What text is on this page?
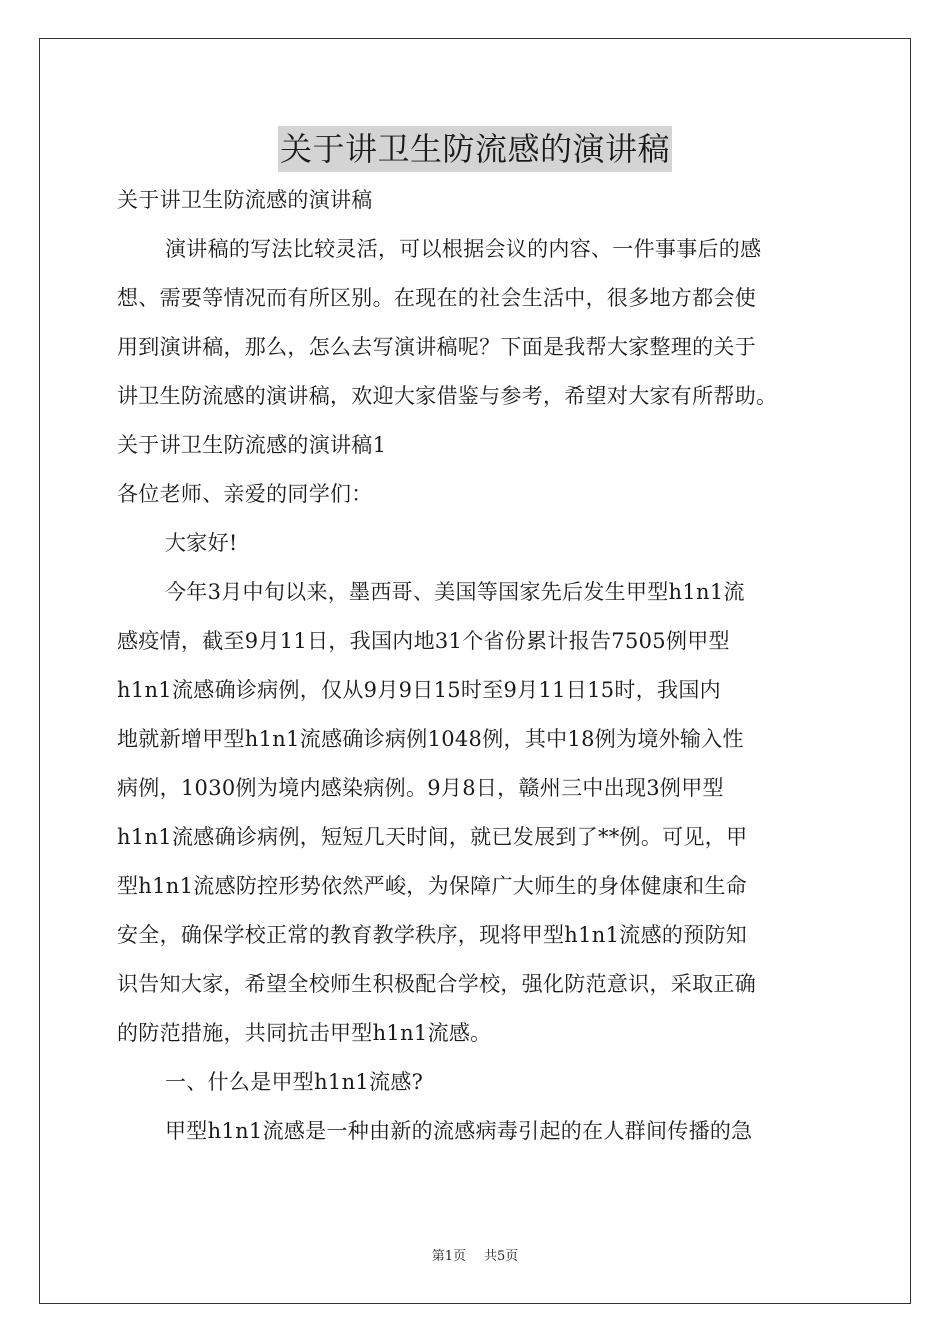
关于讲卫生防流感的演讲稿
关于讲卫生防流感的演讲稿
演讲稿的写法比较灵活，可以根据会议的内容、一件事事后的感
想、需要等情况而有所区别。在现在的社会生活中，很多地方都会使
用到演讲稿，那么，怎么去写演讲稿呢？下面是我帮大家整理的关于
讲卫生防流感的演讲稿，欢迎大家借鉴与参考，希望对大家有所帮助。
关于讲卫生防流感的演讲稿1
各位老师、亲爱的同学们：
大家好!
今年3月中旬以来，墨西哥、美国等国家先后发生甲型h1n1流
感疫情，截至9月11日，我国内地31个省份累计报告7505例甲型
h1n1流感确诊病例，仅从9月9日15时至9月11日15时，我国内
地就新增甲型h1n1流感确诊病例1048例，其中18例为境外输入性
病例，1030例为境内感染病例。9月8日，赣州三中出现3例甲型
h1n1流感确诊病例，短短几天时间，就已发展到了**例。可见，甲
型h1n1流感防控形势依然严峻，为保障广大师生的身体健康和生命
安全，确保学校正常的教育教学秩序，现将甲型h1n1流感的预防知
识告知大家，希望全校师生积极配合学校，强化防范意识，采取正确
的防范措施，共同抗击甲型h1n1流感。
一、什么是甲型h1n1流感?
甲型h1n1流感是一种由新的流感病毒引起的在人群间传播的急
第1页 共5页
